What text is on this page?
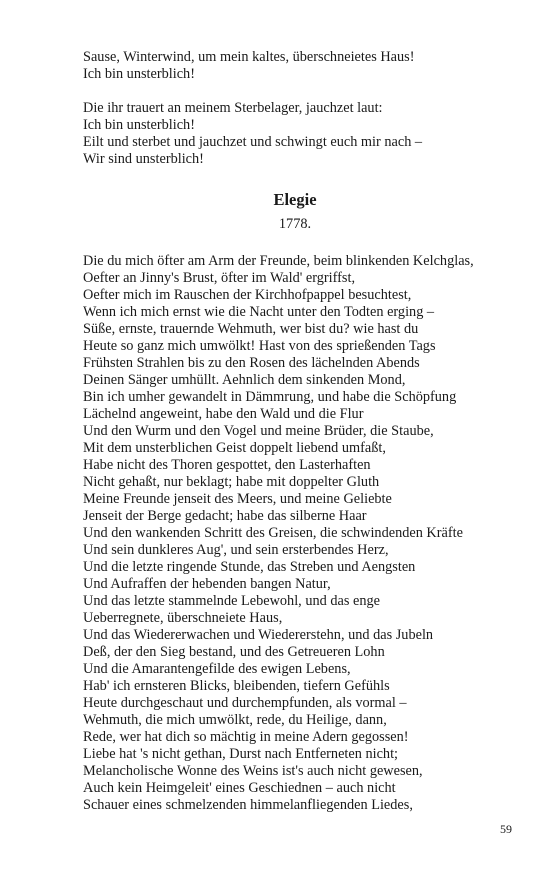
Sause, Winterwind, um mein kaltes, überschneietes Haus!
Ich bin unsterblich!
Die ihr trauert an meinem Sterbelager, jauchzet laut:
Ich bin unsterblich!
Eilt und sterbet und jauchzet und schwingt euch mir nach –
Wir sind unsterblich!
Elegie
1778.
Die du mich öfter am Arm der Freunde, beim blinkenden Kelchglas,
Oefter an Jinny's Brust, öfter im Wald' ergriffst,
Oefter mich im Rauschen der Kirchhofpappel besuchtest,
Wenn ich mich ernst wie die Nacht unter den Todten erging –
Süße, ernste, trauernde Wehmuth, wer bist du? wie hast du
Heute so ganz mich umwölkt! Hast von des sprießenden Tags
Frühsten Strahlen bis zu den Rosen des lächelnden Abends
Deinen Sänger umhüllt. Aehnlich dem sinkenden Mond,
Bin ich umher gewandelt in Dämmrung, und habe die Schöpfung
Lächelnd angeweint, habe den Wald und die Flur
Und den Wurm und den Vogel und meine Brüder, die Staube,
Mit dem unsterblichen Geist doppelt liebend umfaßt,
Habe nicht des Thoren gespottet, den Lasterhaften
Nicht gehaßt, nur beklagt; habe mit doppelter Gluth
Meine Freunde jenseit des Meers, und meine Geliebte
Jenseit der Berge gedacht; habe das silberne Haar
Und den wankenden Schritt des Greisen, die schwindenden Kräfte
Und sein dunkleres Aug', und sein ersterbendes Herz,
Und die letzte ringende Stunde, das Streben und Aengsten
Und Aufraffen der hebenden bangen Natur,
Und das letzte stammelnde Lebewohl, und das enge
Ueberregnete, überschneiete Haus,
Und das Wiedererwachen und Wiedererstehn, und das Jubeln
Deß, der den Sieg bestand, und des Getreueren Lohn
Und die Amarantengefilde des ewigen Lebens,
Hab' ich ernsteren Blicks, bleibenden, tiefern Gefühls
Heute durchgeschaut und durchempfunden, als vormal –
Wehmuth, die mich umwölkt, rede, du Heilige, dann,
Rede, wer hat dich so mächtig in meine Adern gegossen!
Liebe hat 's nicht gethan, Durst nach Entferneten nicht;
Melancholische Wonne des Weins ist's auch nicht gewesen,
Auch kein Heimgeleit' eines Geschiednen – auch nicht
Schauer eines schmelzenden himmelanfliegenden Liedes,
59
